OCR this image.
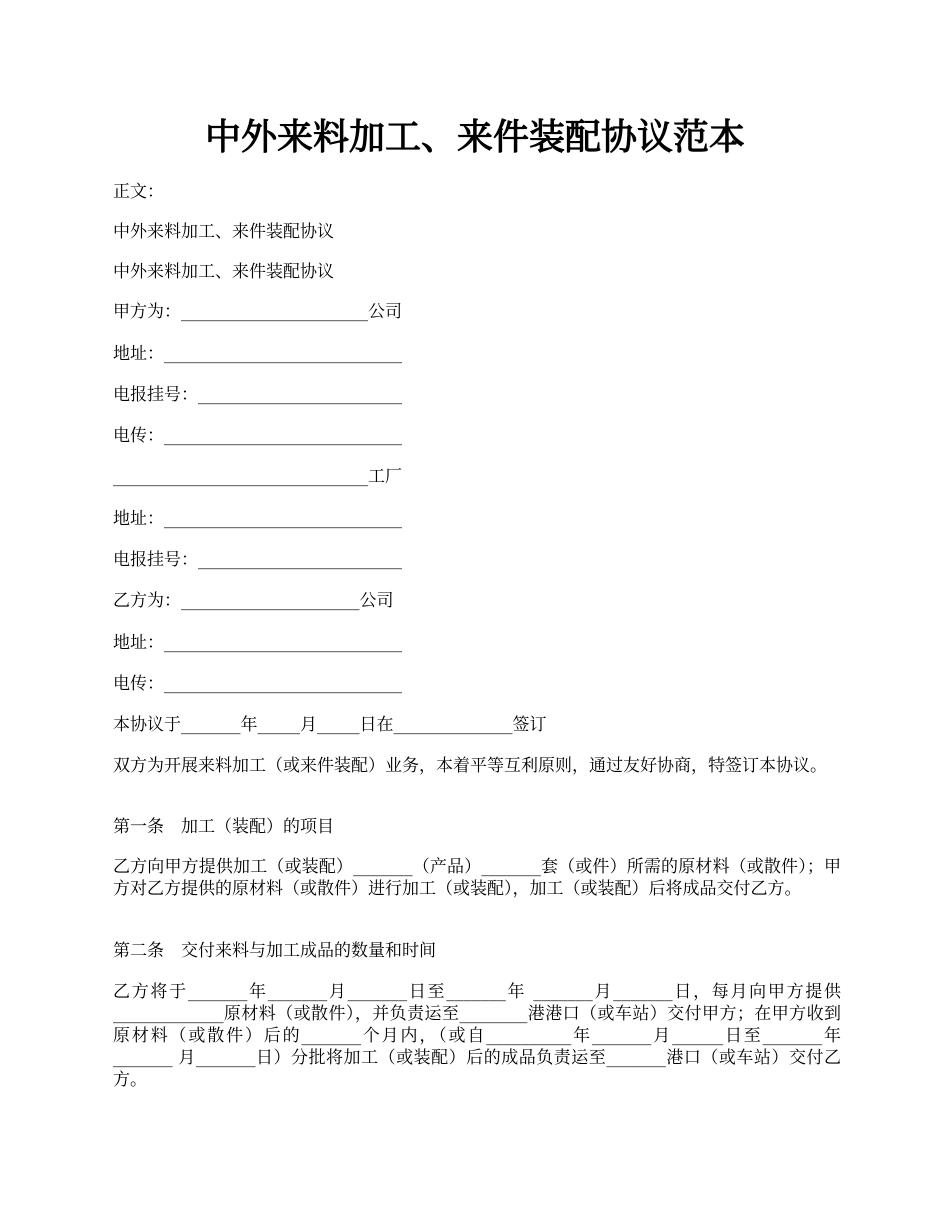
中外来料加工、来件装配协议范本
正文：
中外来料加工、来件装配协议
中外来料加工、来件装配协议
甲方为：______________________公司
地址：____________________________
电报挂号：________________________
电传：____________________________
______________________________工厂
地址：____________________________
电报挂号：________________________
乙方为：_____________________公司
地址：____________________________
电传：____________________________
本协议于_______年_____月_____日在______________签订
双方为开展来料加工（或来件装配）业务，本着平等互利原则，通过友好协商，特签订本协议。
第一条　加工（装配）的项目
乙方向甲方提供加工（或装配）_______（产品）_______套（或件）所需的原材料（或散件）；甲方对乙方提供的原材料（或散件）进行加工（或装配），加工（或装配）后将成品交付乙方。
第二条　交付来料与加工成品的数量和时间
乙方将于_______年_______月_______日至_______年 _______月_______日，每月向甲方提供_____________原材料（或散件），并负责运至________港港口（或车站）交付甲方；在甲方收到原材料（或散件）后的_______个月内，（或自__________年_______月______日至_______年_______ 月_______日）分批将加工（或装配）后的成品负责运至_______港口（或车站）交付乙方。
